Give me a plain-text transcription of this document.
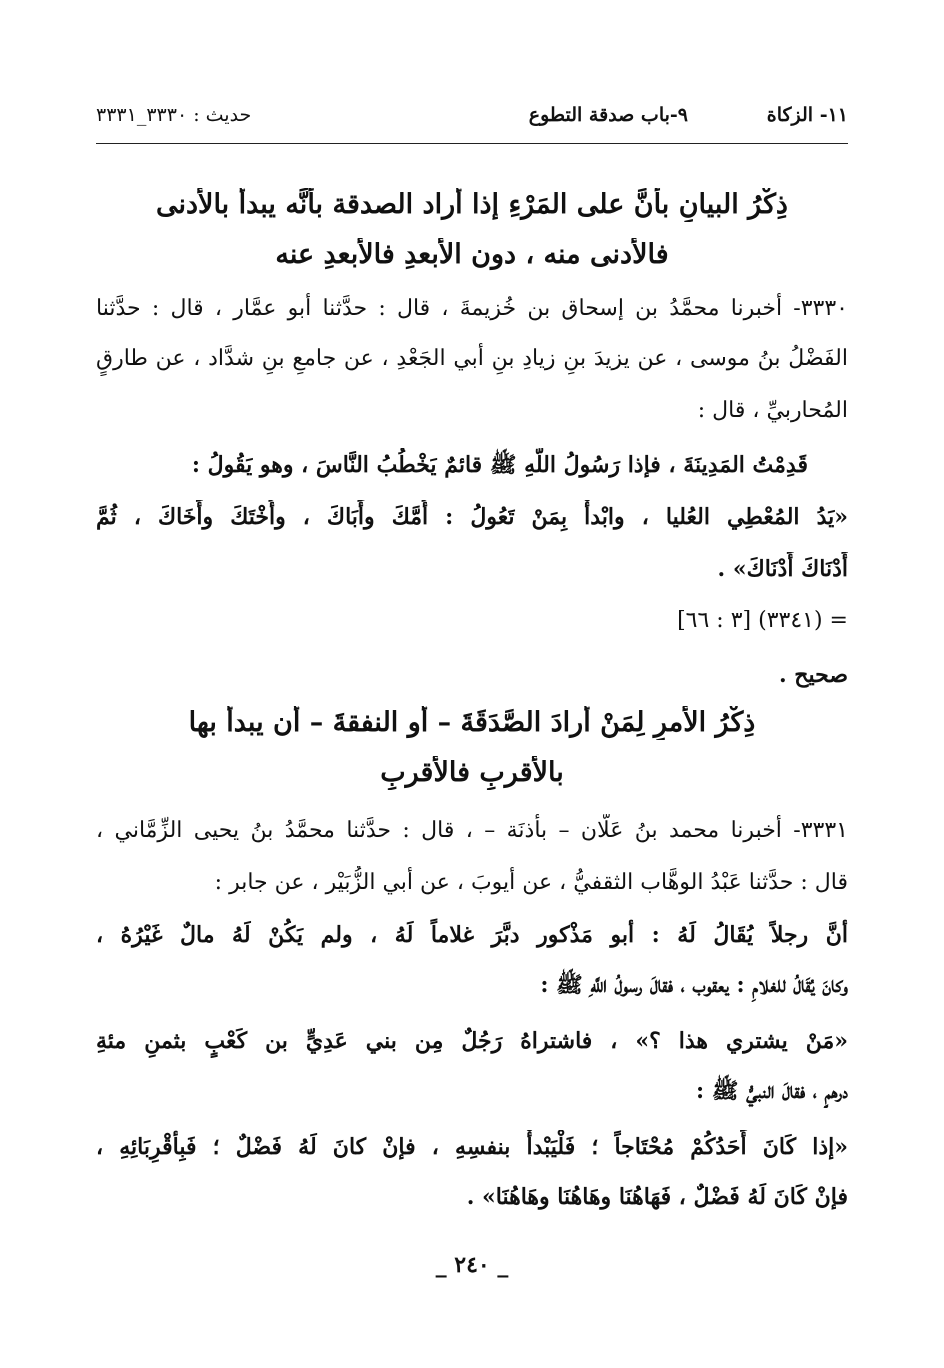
١١- الزكاة
٩-باب صدقة التطوع
حديث : ٣٣٣٠_٣٣٣١
ذِكْرُ البيانِ بأنَّ على المَرْءِ إذا أراد الصدقة بأنَّه يبدأ بالأدنى
فالأدنى منه ، دون الأبعدِ فالأبعدِ عنه
٣٣٣٠- أخبرنا محمَّدُ بن إسحاق بن خُزيمةَ ، قال : حدَّثنا أبو عمَّار ، قال : حدَّثنا
الفَضْلُ بنُ موسى ، عن يزيدَ بنِ زيادِ بنِ أبي الجَعْدِ ، عن جامعِ بنِ شدَّاد ، عن طارقٍ
المُحاربيِّ ، قال :
قَدِمْتُ المَدِينَةَ ، فإذا رَسُولُ اللَّهِ ﷺ قائمٌ يَخْطُبُ النَّاسَ ، وهو يَقُولُ :
«يَدُ المُعْطِي العُليا ، وابْدأْ بِمَنْ تَعُولُ : أُمَّكَ وأَبَاكَ ، وأُخْتَكَ وأَخَاكَ ، ثُمَّ
أَدْنَاكَ أَدْنَاكَ» .
= (٣٣٤١) [٣ : ٦٦]
صحيح .
ذِكْرُ الأمرِ لِمَنْ أرادَ الصَّدَقَةَ – أو النفقةَ – أن يبدأ بها
بالأقربِ فالأقربِ
٣٣٣١- أخبرنا محمد بنُ عَلَّان – بأذنَة – ، قال : حدَّثنا محمَّدُ بنُ يحيى الزِّمَّاني ،
قال : حدَّثنا عَبْدُ الوهَّاب الثقفيُّ ، عن أيوبَ ، عن أبي الزُّبَيْر ، عن جابر :
أنَّ رجلاً يُقَالُ لَهُ : أبو مَذْكور دبَّرَ غلاماً لَهُ ، ولم يَكُنْ لَهُ مالٌ غَيْرُهُ ،
وكانَ يُقَالُ للغلامِ : يعقوب ، فقالَ رسولُ اللَّهِ ﷺ :
«مَنْ يشتري هذا ؟» ، فاشتراهُ رَجُلٌ مِن بني عَدِيٍّ بن كَعْبٍ بثمنِ مئةِ
درهمٍ ، فقالَ النبيُّ ﷺ :
«إذا كَانَ أَحَدُكُمْ مُحْتَاجاً ؛ فَلْيَبْدأْ بنفسِهِ ، فإنْ كانَ لَهُ فَضْلٌ ؛ فَبِأقْرِبَائِهِ ،
فإنْ كَانَ لَهُ فَضْلٌ ، فَهَاهُنَا وهَاهُنَا وهَاهُنَا» .
_ ٢٤٠ _
